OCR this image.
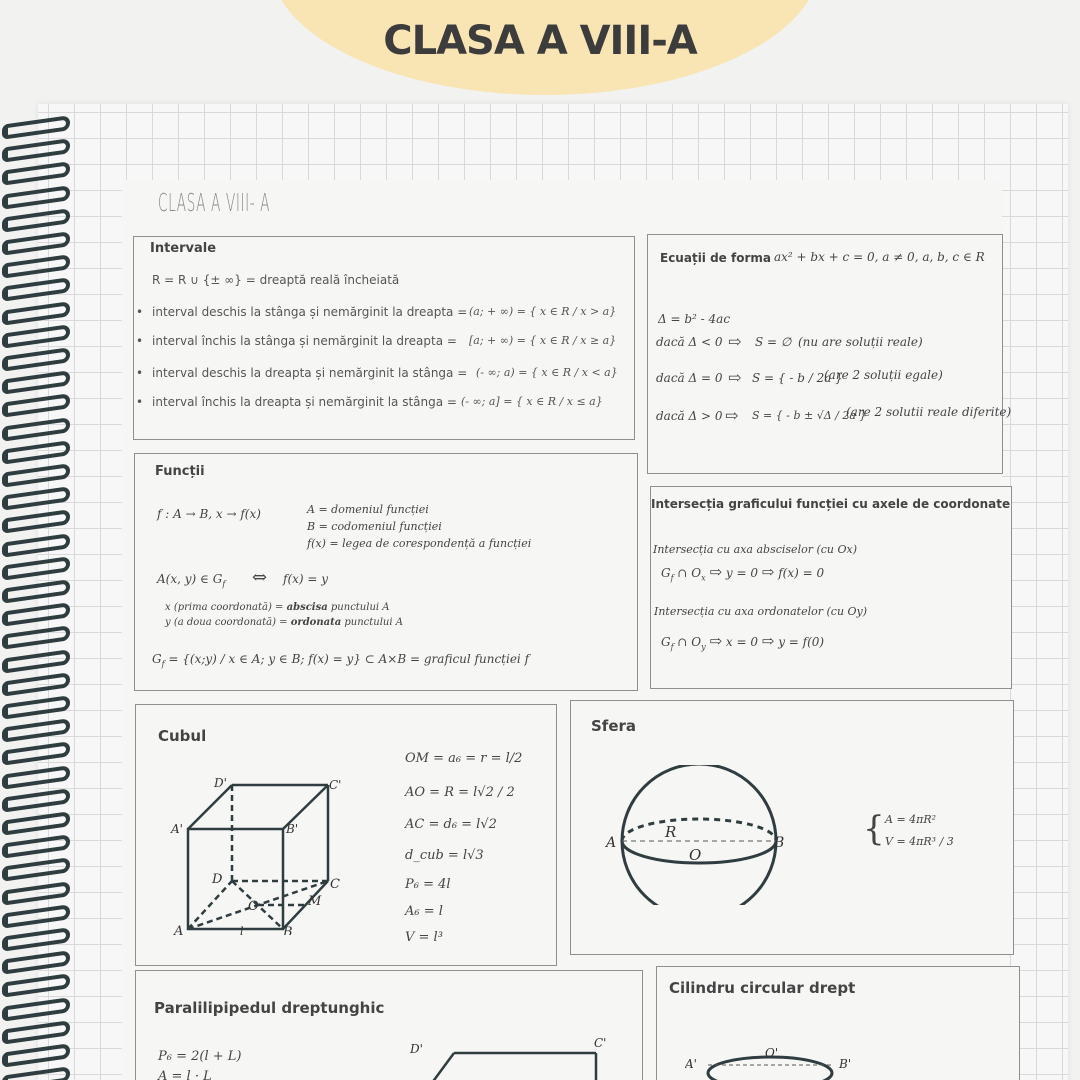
CLASA A VIII-A
CLASA A VIII- A
Intervale
R = R ∪ {± ∞} = dreaptă reală încheiată
• interval deschis la stânga și nemărginit la dreapta = (a; + ∞) = { x ∈ R / x > a}
• interval închis la stânga și nemărginit la dreapta = [a; + ∞) = { x ∈ R / x ≥ a}
• interval deschis la dreapta și nemărginit la stânga = (- ∞; a) = { x ∈ R / x < a}
• interval închis la dreapta și nemărginit la stânga = (- ∞; a] = { x ∈ R / x ≤ a}
Ecuații de forma ax² + bx + c = 0, a ≠ 0, a, b, c ∈ R
Δ = b² - 4ac
dacă Δ < 0 ⇨ S = ∅ (nu are soluții reale)
dacă Δ = 0 ⇨ S = { - b / 2a }
(are 2 soluții egale)
dacă Δ > 0 ⇨ S = { - b ± √Δ / 2a }
(are 2 solutii reale diferite)
Funcții
f : A → B, x → f(x)	A = domeniul funcției
B = codomeniul funcției
f(x) = legea de corespondență a funcției
A(x, y) ∈ $G_f$ ⇔ f(x) = y
x (prima coordonată) = abscisa punctului A
y (a doua coordonată) = ordonata punctului A
$G_f$ = {(x;y) / x ∈ A; y ∈ B; f(x) = y} ⊂ A×B = graficul funcției f
Intersecția graficului funcției cu axele de coordonate
Intersecția cu axa absciselor (cu Ox)
$G_f$ ∩ $O_x$ ⇨ y = 0 ⇨ f(x) = 0
Intersecția cu axa ordonatelor (cu Oy)
$G_f$ ∩ $O_y$ ⇨ x = 0 ⇨ y = f(0)
Cubul
A	B
C
D
A'	B'
C'
D'
O	M
l
OM = a₆ = r = l/2
AO = R = l√2 / 2
AC = d₆ = l√2
d_cub = l√3
P₆ = 4l
A₆ = l
V = l³
Sfera
A	B
R
O
{ A = 4πR²
V = 4πR³ / 3
Paralilipipedul dreptunghic
P₆ = 2(l + L)
A = l · L
D'	C'
Cilindru circular drept
A'
O'
B'
